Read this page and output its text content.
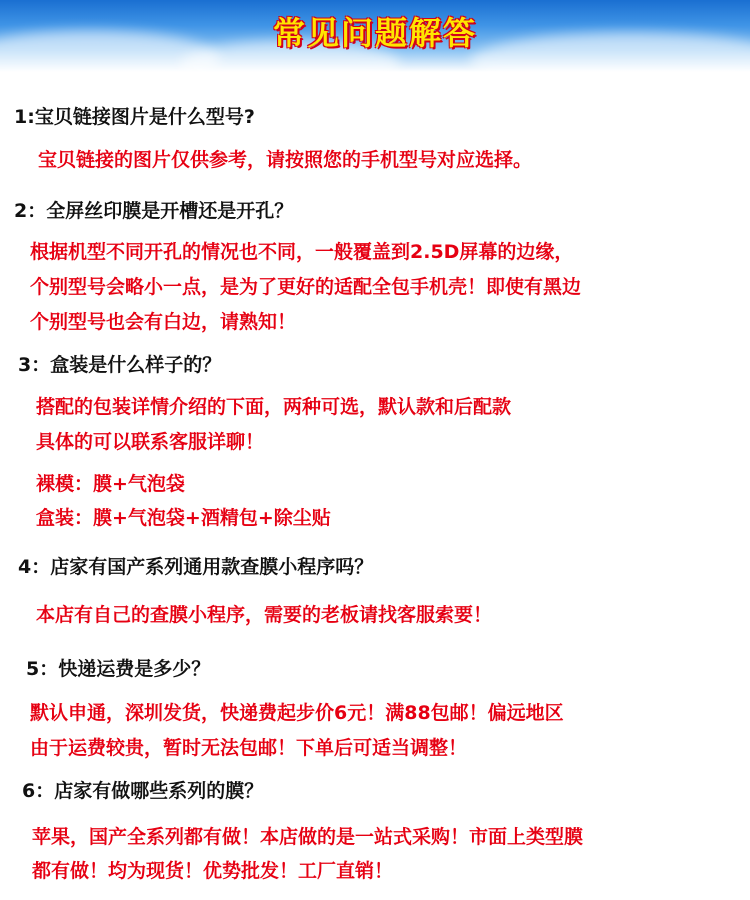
常见问题解答
1:宝贝链接图片是什么型号?
宝贝链接的图片仅供参考，请按照您的手机型号对应选择。
2：全屏丝印膜是开槽还是开孔？
根据机型不同开孔的情况也不同，一般覆盖到2.5D屏幕的边缘，
个别型号会略小一点，是为了更好的适配全包手机壳！即使有黑边
个别型号也会有白边，请熟知！
3：盒装是什么样子的？
搭配的包装详情介绍的下面，两种可选，默认款和后配款
具体的可以联系客服详聊！
裸模：膜+气泡袋
盒装：膜+气泡袋+酒精包+除尘贴
4：店家有国产系列通用款查膜小程序吗？
本店有自己的查膜小程序，需要的老板请找客服索要！
5：快递运费是多少？
默认申通，深圳发货，快递费起步价6元！满88包邮！偏远地区
由于运费较贵，暂时无法包邮！下单后可适当调整！
6：店家有做哪些系列的膜？
苹果，国产全系列都有做！本店做的是一站式采购！市面上类型膜
都有做！均为现货！优势批发！工厂直销！
